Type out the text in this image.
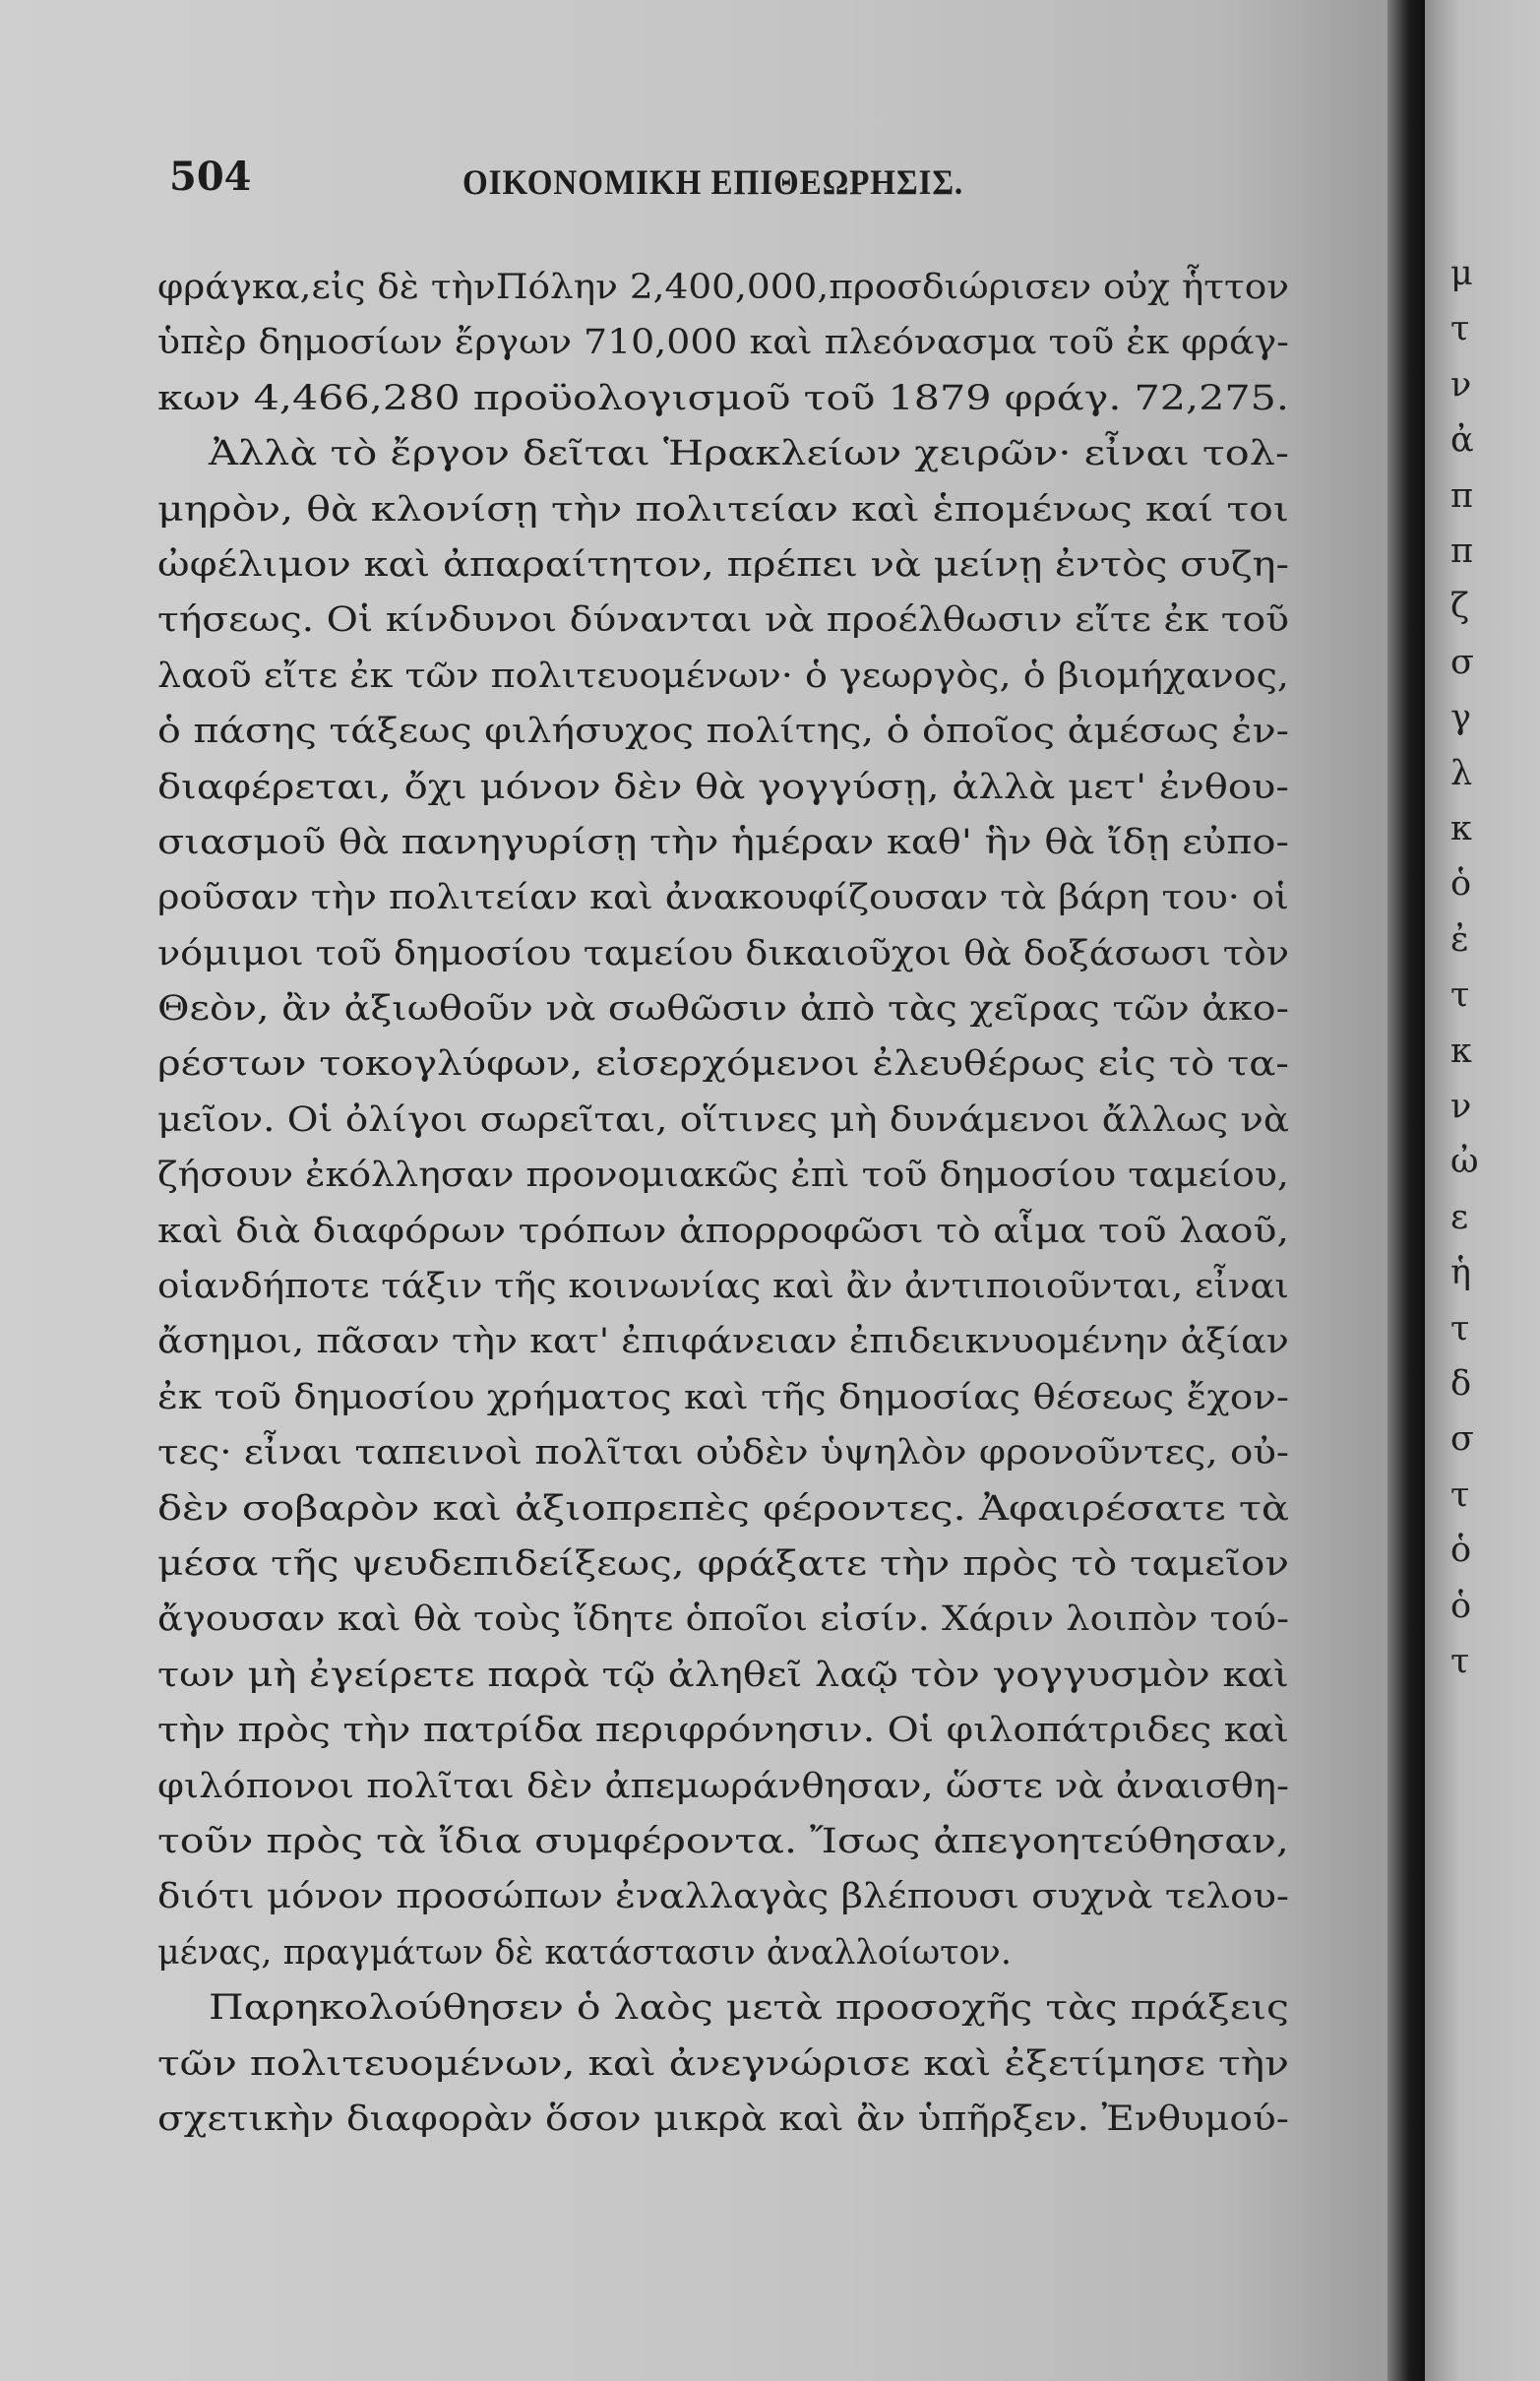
504	ΟΙΚΟΝΟΜΙΚΗ ΕΠΙΘΕΩΡΗΣΙΣ.
φράγκα,εἰς δὲ τὴνΠόλην 2,400,000,προσδιώρισεν οὐχ ἧττον
ὑπὲρ δημοσίων ἔργων 710,000 καὶ πλεόνασμα τοῦ ἐκ φράγ-
κων 4,466,280 προϋολογισμοῦ τοῦ 1879 φράγ. 72,275.
Ἀλλὰ τὸ ἔργον δεῖται Ἡρακλείων χειρῶν· εἶναι τολ-
μηρὸν, θὰ κλονίσῃ τὴν πολιτείαν καὶ ἑπομένως καί τοι
ὠφέλιμον καὶ ἀπαραίτητον, πρέπει νὰ μείνῃ ἐντὸς συζη-
τήσεως. Οἱ κίνδυνοι δύνανται νὰ προέλθωσιν εἴτε ἐκ τοῦ
λαοῦ εἴτε ἐκ τῶν πολιτευομένων· ὁ γεωργὸς, ὁ βιομήχανος,
ὁ πάσης τάξεως φιλήσυχος πολίτης, ὁ ὁποῖος ἀμέσως ἐν-
διαφέρεται, ὄχι μόνον δὲν θὰ γογγύσῃ, ἀλλὰ μετ' ἐνθου-
σιασμοῦ θὰ πανηγυρίσῃ τὴν ἡμέραν καθ' ἣν θὰ ἴδῃ εὐπο-
ροῦσαν τὴν πολιτείαν καὶ ἀνακουφίζουσαν τὰ βάρη του· οἱ
νόμιμοι τοῦ δημοσίου ταμείου δικαιοῦχοι θὰ δοξάσωσι τὸν
Θεὸν, ἂν ἀξιωθοῦν νὰ σωθῶσιν ἀπὸ τὰς χεῖρας τῶν ἀκο-
ρέστων τοκογλύφων, εἰσερχόμενοι ἐλευθέρως εἰς τὸ τα-
μεῖον. Οἱ ὀλίγοι σωρεῖται, οἵτινες μὴ δυνάμενοι ἄλλως νὰ
ζήσουν ἐκόλλησαν προνομιακῶς ἐπὶ τοῦ δημοσίου ταμείου,
καὶ διὰ διαφόρων τρόπων ἀπορροφῶσι τὸ αἷμα τοῦ λαοῦ,
οἱανδήποτε τάξιν τῆς κοινωνίας καὶ ἂν ἀντιποιοῦνται, εἶναι
ἄσημοι, πᾶσαν τὴν κατ' ἐπιφάνειαν ἐπιδεικνυομένην ἀξίαν
ἐκ τοῦ δημοσίου χρήματος καὶ τῆς δημοσίας θέσεως ἔχον-
τες· εἶναι ταπεινοὶ πολῖται οὐδὲν ὑψηλὸν φρονοῦντες, οὐ-
δὲν σοβαρὸν καὶ ἀξιοπρεπὲς φέροντες. Ἀφαιρέσατε τὰ
μέσα τῆς ψευδεπιδείξεως, φράξατε τὴν πρὸς τὸ ταμεῖον
ἄγουσαν καὶ θὰ τοὺς ἴδητε ὁποῖοι εἰσίν. Χάριν λοιπὸν τού-
των μὴ ἐγείρετε παρὰ τῷ ἀληθεῖ λαῷ τὸν γογγυσμὸν καὶ
τὴν πρὸς τὴν πατρίδα περιφρόνησιν. Οἱ φιλοπάτριδες καὶ
φιλόπονοι πολῖται δὲν ἀπεμωράνθησαν, ὥστε νὰ ἀναισθη-
τοῦν πρὸς τὰ ἴδια συμφέροντα. Ἴσως ἀπεγοητεύθησαν,
διότι μόνον προσώπων ἐναλλαγὰς βλέπουσι συχνὰ τελου-
μένας, πραγμάτων δὲ κατάστασιν ἀναλλοίωτον.
Παρηκολούθησεν ὁ λαὸς μετὰ προσοχῆς τὰς πράξεις
τῶν πολιτευομένων, καὶ ἀνεγνώρισε καὶ ἐξετίμησε τὴν
σχετικὴν διαφορὰν ὅσον μικρὰ καὶ ἂν ὑπῆρξεν. Ἐνθυμού-
μ
τ
ν
ἀ
π
π
ζ
σ
γ
λ
κ
ὁ
ἐ
τ
κ
ν
ὠ
ε
ἡ
τ
δ
σ
τ
ὁ
ὁ
τ
